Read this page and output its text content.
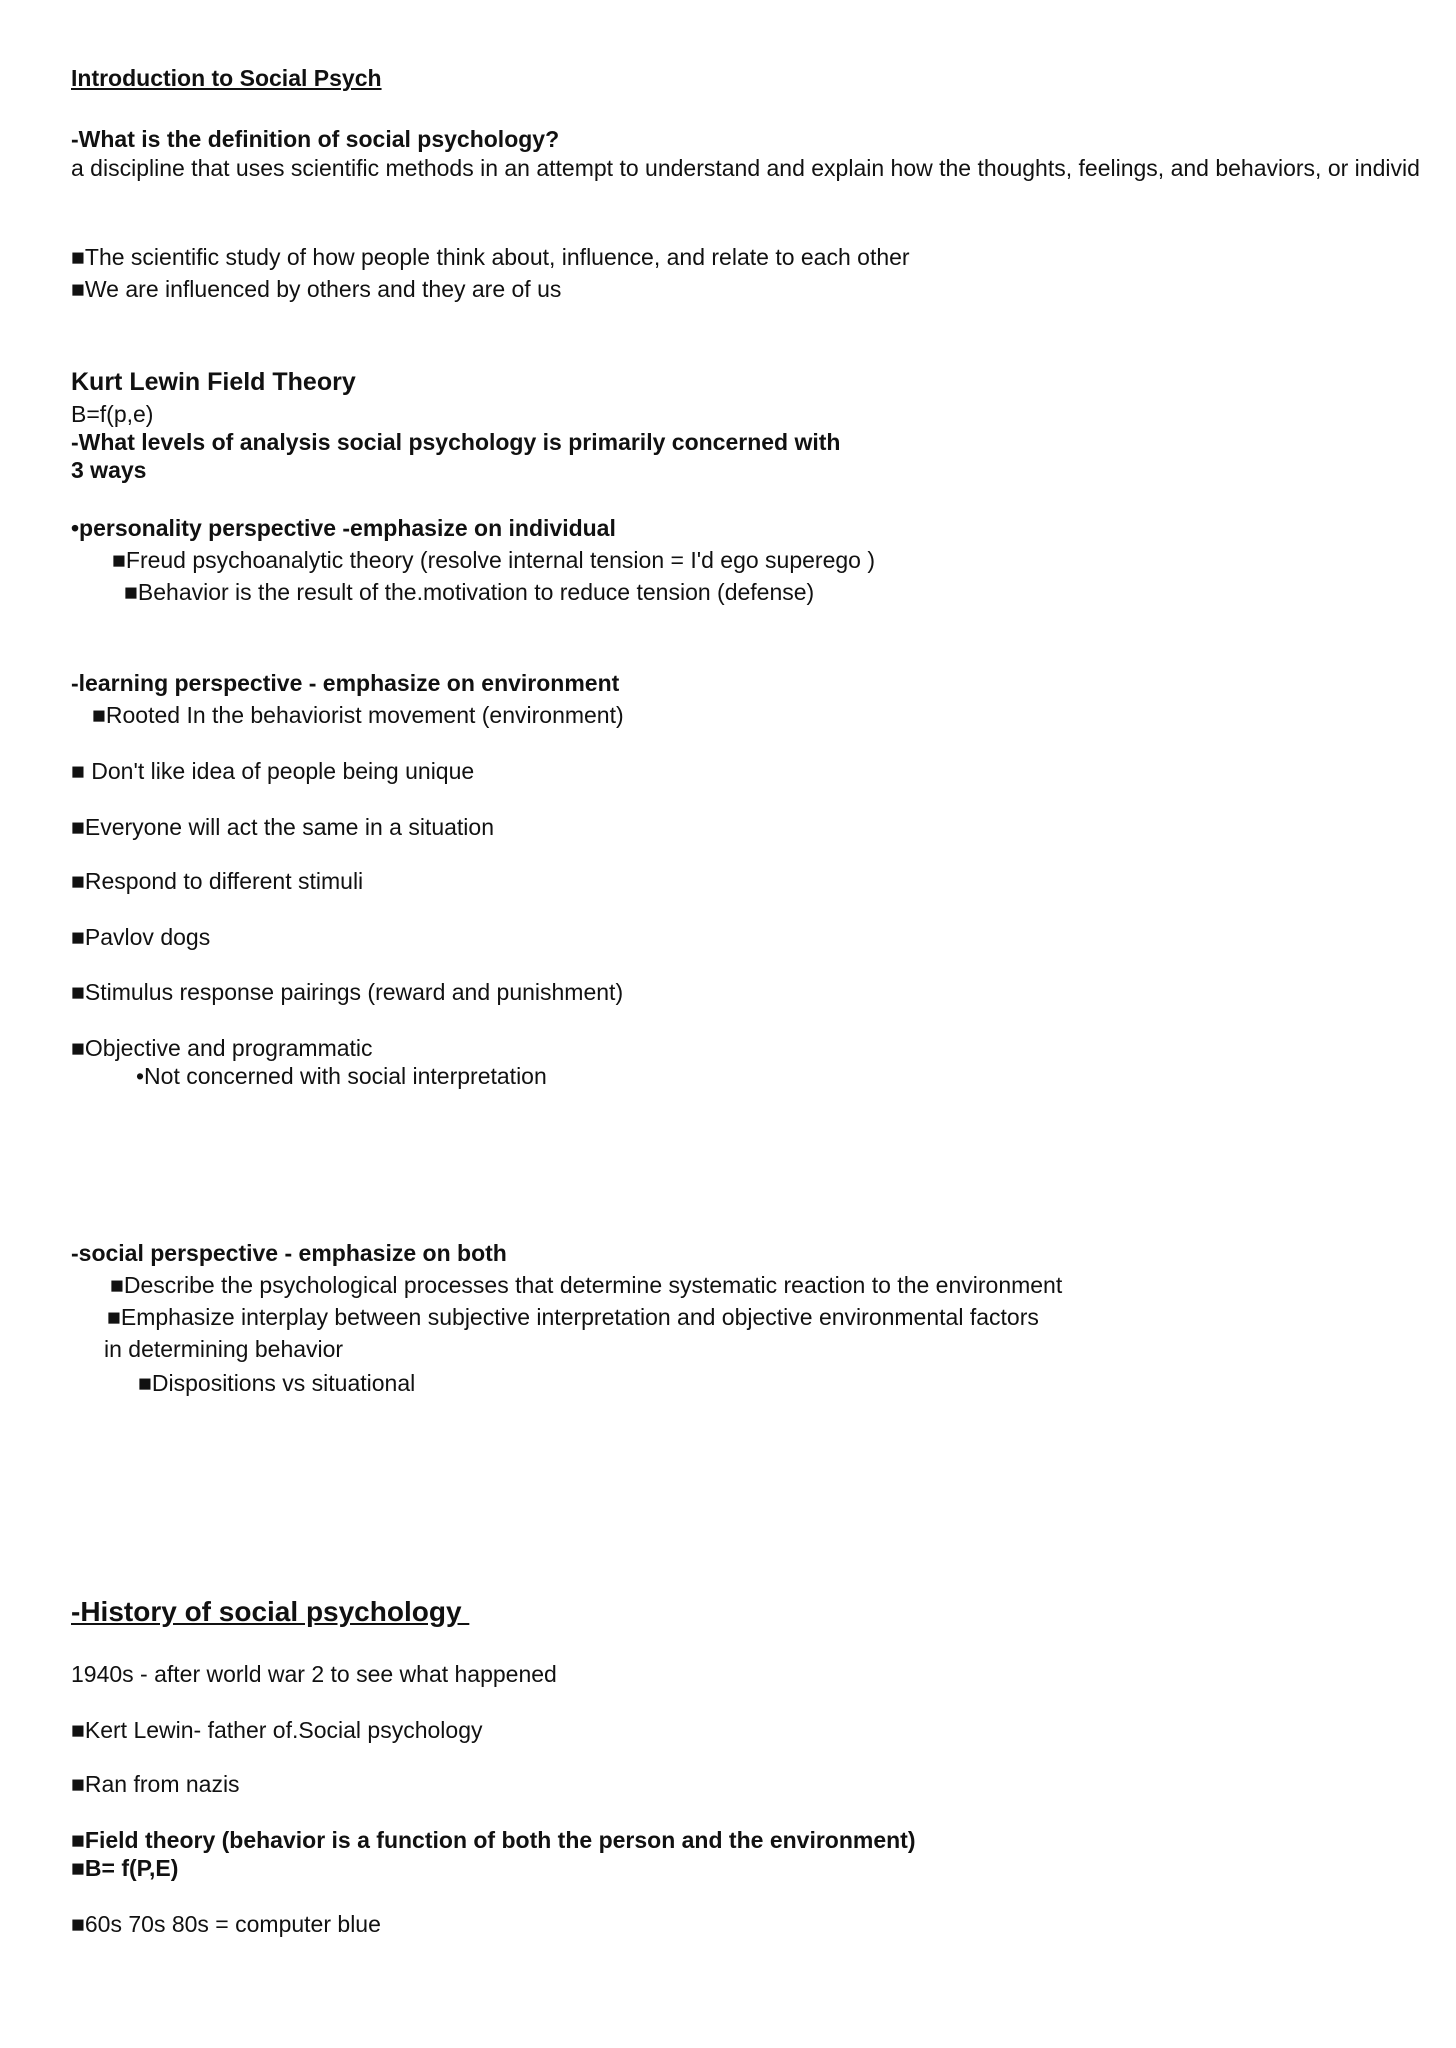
Introduction to Social Psych
-What is the definition of social psychology?
a discipline that uses scientific methods in an attempt to understand and explain how the thoughts, feelings, and behaviors, or individ
■The scientific study of how people think about, influence, and relate to each other
■We are influenced by others and they are of us
Kurt Lewin Field Theory
B=f(p,e)
-What levels of analysis social psychology is primarily concerned with
3 ways
•personality perspective -emphasize on individual
■Freud psychoanalytic theory (resolve internal tension = I'd ego superego )
■Behavior is the result of the.motivation to reduce tension (defense)
-learning perspective - emphasize on environment
■Rooted In the behaviorist movement (environment)
■ Don't like idea of people being unique
■Everyone will act the same in a situation
■Respond to different stimuli
■Pavlov dogs
■Stimulus response pairings (reward and punishment)
■Objective and programmatic
•Not concerned with social interpretation
-social perspective - emphasize on both
■Describe the psychological processes that determine systematic reaction to the environment
■Emphasize interplay between subjective interpretation and objective environmental factors
in determining behavior
■Dispositions vs situational
-History of social psychology
1940s - after world war 2 to see what happened
■Kert Lewin- father of.Social psychology
■Ran from nazis
■Field theory (behavior is a function of both the person and the environment)
■B= f(P,E)
■60s 70s 80s = computer blue
